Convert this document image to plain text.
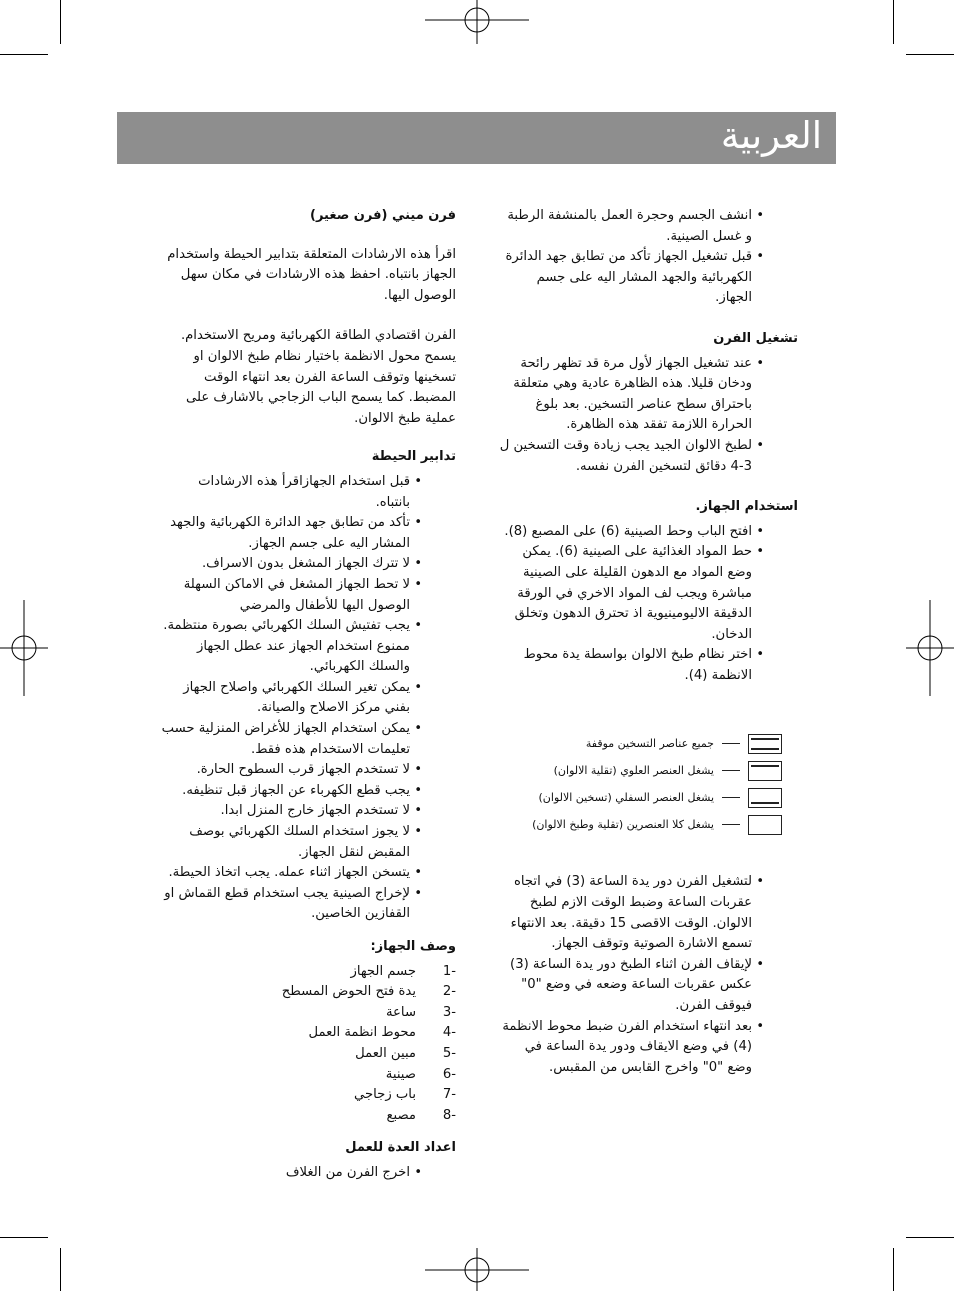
العربية
• انشف الجسم وحجرة العمل بالمنشفة الرطبة و غسل الصينية.
• قبل تشغيل الجهاز تأكد من تطابق جهد الدائرة الكهربائية والجهد المشار اليه على جسم الجهاز.
تشغيل الفرن
• عند تشغيل الجهاز لأول مرة قد تظهر رائحة ودخان قليلا. هذه الظاهرة عادية وهي متعلقة باحتراق سطح عناصر التسخين. بعد بلوغ الحرارة اللازمة تفقد هذه الظاهرة.
• لطبخ الالوان الجيد يجب زيادة وقت التسخين ل 3-4 دقائق لتسخين الفرن نفسه.
استخدام الجهاز.
• افتح الباب وحط الصينية (6) على المصبع (8).
• حط المواد الغذائية على الصينية (6). يمكن وضع المواد مع الدهون القليلة على الصينية مباشرة ويجب لف المواد الاخري في الورقة الدقيقة الاليومينيوية اذ تحترق الدهون وتخلق الدخان.
• اختر نظام طبخ الالوان بواسطة يدة محوط الانظمة (4).
جميع عناصر التسخين موقفة
يشغل العنصر العلوي (تقلية الالوان)
يشغل العنصر السفلي (تسخين الالوان)
يشغل كلا العنصرين (تقلية وطبخ الالوان)
• لتشغيل الفرن دور يدة الساعة (3) في اتجاه عقربات الساعة وضبط الوقت الازم لطبخ الالوان. الوقت الاقصى 15 دقيقة. بعد الانتهاء تسمع الاشارة الصوتية وتوقف الجهاز.
• لإيقاف الفرن اثناء الطبخ دور يدة الساعة (3) عكس عقربات الساعة وضعه في وضع "0" فيوقف الفرن.
• بعد انتهاء استخدام الفرن ضبط محوط الانظمة (4) في وضع الايقاف ودور يدة الساعة في وضع "0" واخرج القابس من المقبس.
فرن ميني (فرن صغير)

اقرأ هذه الارشادات المتعلقة بتدابير الحيطة واستخدام الجهاز بانتباه. احفظ هذه الارشادات في مكان سهل الوصول اليها.

الفرن اقتصادي الطاقة الكهربائية ومريح الاستخدام. يسمح محول الانظمة باختيار نظام طبخ الالوان او تسخينها وتوقف الساعة الفرن بعد انتهاء الوقت المضبط. كما يسمح الباب الزجاجي بالاشارف على عملية طبخ الالوان.

تدابير الحيطة
• قبل استخدام الجهازاقرأ هذه الارشادات بانتباه.
• تأكد من تطابق جهد الدائرة الكهربائية والجهد المشار اليه على جسم الجهاز.
• لا تترك الجهاز المشغل بدون الاسراف.
• لا تحط الجهاز المشغل في الاماكن السهلة الوصول اليها للأطفال والمرضي
• يجب تفتيش السلك الكهربائي بصورة منتظمة. ممنوع استخدام الجهاز عند عطل الجهاز والسلك الكهربائي.
• يمكن تغير السلك الكهربائي واصلاح الجهاز بفني مركز الاصلاح والصيانة.
• يمكن استخدام الجهاز للأغراض المنزلية حسب تعليمات الاستخدام هذه فقط.
• لا تستخدم الجهاز قرب السطوح الحارة.
• يجب قطع الكهرباء عن الجهاز قبل تنظيفه.
• لا تستخدم الجهاز خارج المنزل ابدا.
• لا يجوز استخدام السلك الكهربائي بوصف المقبض لنقل الجهاز.
• يتسخن الجهاز اثناء عمله. يجب اتخاذ الحيطة.
• لإخراج الصينية يجب استخدام قطع القماش او القفازين الخاصين.
وصف الجهاز:
1-
جسم الجهاز
2-
يدة فتح الحوض المسطح
3-
ساعة
4-
محوط انظمة العمل
5-
مبين العمل
6-
صينية
7-
باب زجاجي
8-
مصبع
اعداد العدة للعمل
• اخرج الفرن من الغلاف
